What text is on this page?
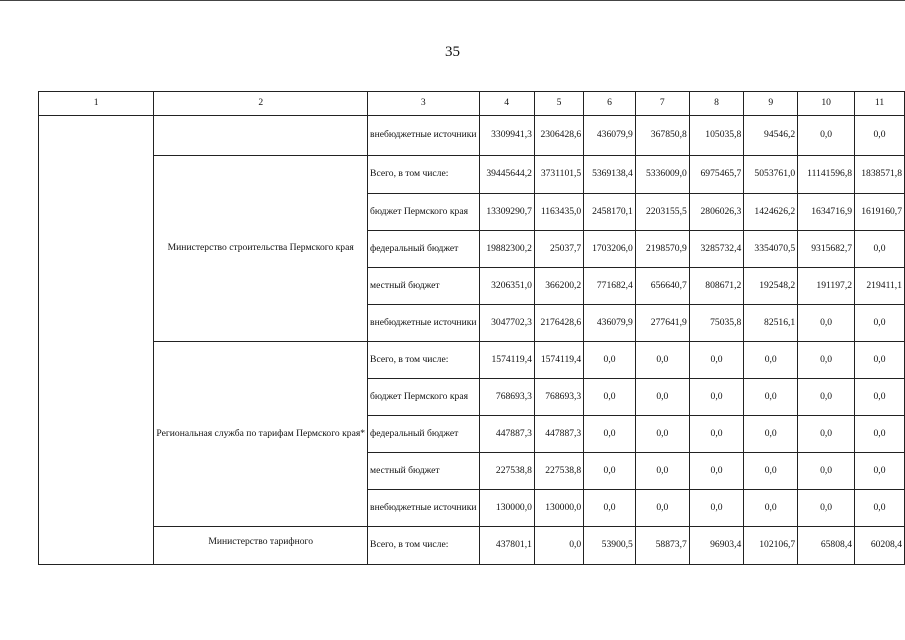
35
1	2	3	4	5	6	7	8	9	10	11
		внебюджетные источники	3309941,3	2306428,6	436079,9	367850,8	105035,8	94546,2	0,0	0,0
	Министерство строительства Пермского края	Всего, в том числе:	39445644,2	3731101,5	5369138,4	5336009,0	6975465,7	5053761,0	11141596,8	1838571,8
		бюджет Пермского края	13309290,7	1163435,0	2458170,1	2203155,5	2806026,3	1424626,2	1634716,9	1619160,7
		федеральный бюджет	19882300,2	25037,7	1703206,0	2198570,9	3285732,4	3354070,5	9315682,7	0,0
		местный бюджет	3206351,0	366200,2	771682,4	656640,7	808671,2	192548,2	191197,2	219411,1
		внебюджетные источники	3047702,3	2176428,6	436079,9	277641,9	75035,8	82516,1	0,0	0,0
	Региональная служба по тарифам Пермского края*	Всего, в том числе:	1574119,4	1574119,4	0,0	0,0	0,0	0,0	0,0	0,0
		бюджет Пермского края	768693,3	768693,3	0,0	0,0	0,0	0,0	0,0	0,0
		федеральный бюджет	447887,3	447887,3	0,0	0,0	0,0	0,0	0,0	0,0
		местный бюджет	227538,8	227538,8	0,0	0,0	0,0	0,0	0,0	0,0
		внебюджетные источники	130000,0	130000,0	0,0	0,0	0,0	0,0	0,0	0,0
	Министерство тарифного	Всего, в том числе:	437801,1	0,0	53900,5	58873,7	96903,4	102106,7	65808,4	60208,4
